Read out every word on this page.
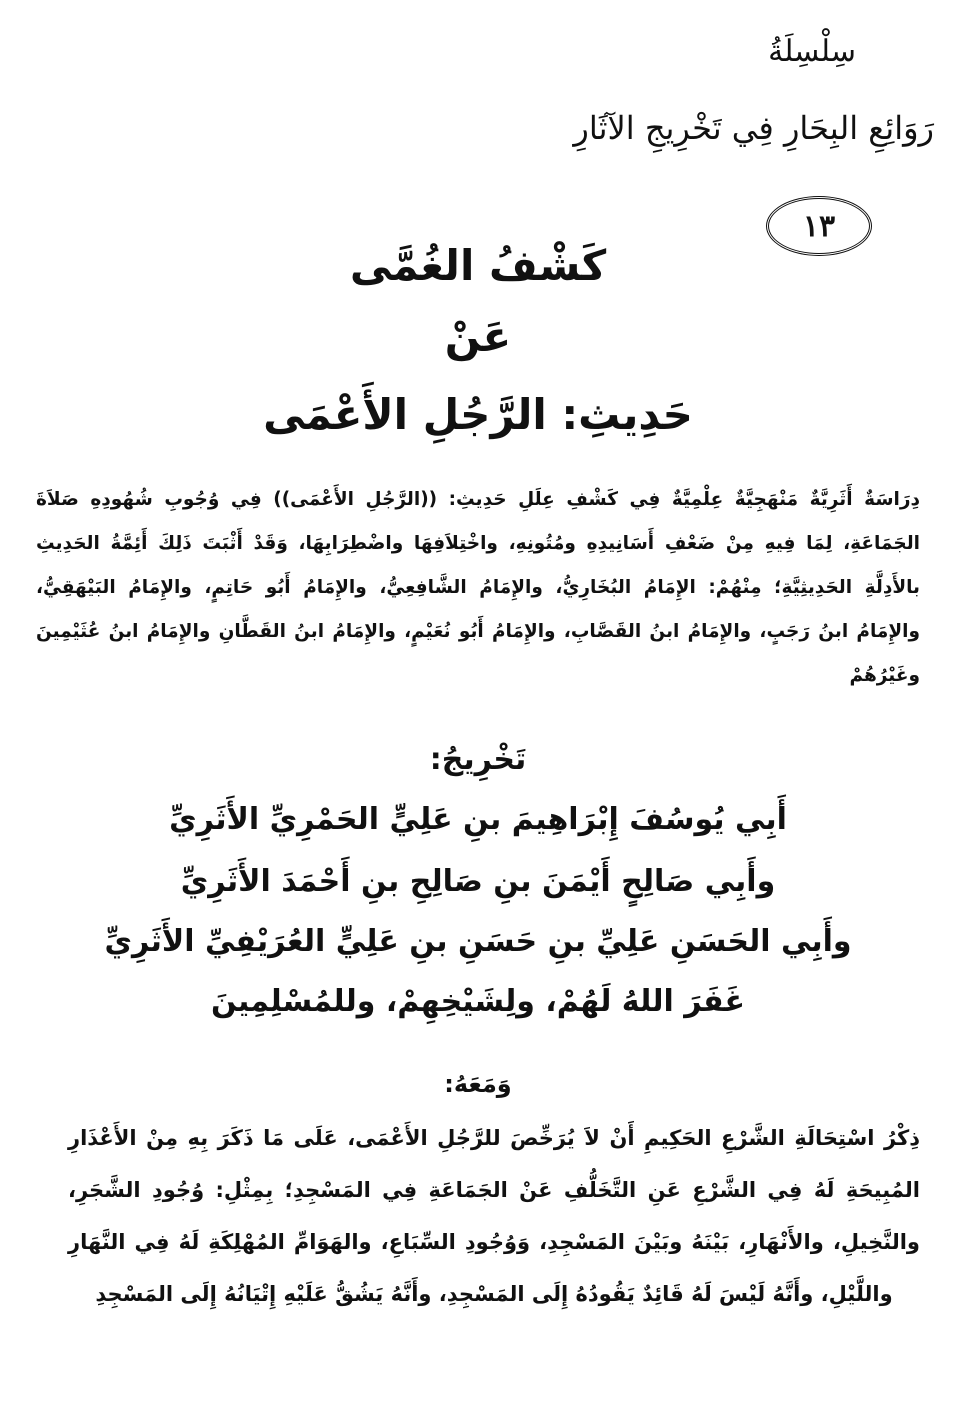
سِلْسِلَةُ
رَوَائِعِ البِحَارِ فِي تَخْرِيجِ الآثَارِ
١٣
كَشْفُ الغُمَّى
عَنْ
حَدِيثِ: الرَّجُلِ الأَعْمَى
دِرَاسَةٌ أَثَرِيَّةٌ مَنْهَجِيَّةٌ عِلْمِيَّةٌ فِي كَشْفِ عِلَلِ حَدِيثِ: ((الرَّجُلِ الأَعْمَى)) فِي وُجُوبِ شُهُودِهِ صَلاَةَ الجَمَاعَةِ، لِمَا فِيهِ مِنْ ضَعْفِ أَسَانِيدِهِ ومُتُونِهِ، واخْتِلاَفِهَا واضْطِرَابِهَا، وَقَدْ أَثْبَتَ ذَلِكَ أَئِمَّةُ الحَدِيثِ بالأَدِلَّةِ الحَدِيثِيَّةِ؛ مِنْهُمْ: الإِمَامُ البُخَارِيُّ، والإِمَامُ الشَّافِعِيُّ، والإِمَامُ أَبُو حَاتِمٍ، والإِمَامُ البَيْهَقِيُّ، والإِمَامُ ابنُ رَجَبٍ، والإِمَامُ ابنُ القَصَّابِ، والإِمَامُ أَبُو نُعَيْمٍ، والإِمَامُ ابنُ القَطَّانِ والإِمَامُ ابنُ عُثَيْمِينَ وغَيْرُهُمْ
تَخْرِيجُ:
أَبِي يُوسُفَ إِبْرَاهِيمَ بنِ عَلِيٍّ الحَمْرِيِّ الأَثَرِيِّ
وأَبِي صَالِحٍ أَيْمَنَ بنِ صَالِحِ بنِ أَحْمَدَ الأَثَرِيِّ
وأَبِي الحَسَنِ عَلِيِّ بنِ حَسَنِ بنِ عَلِيٍّ العُرَيْفِيِّ الأَثَرِيِّ
غَفَرَ اللهُ لَهُمْ، ولِشَيْخِهِمْ، وللمُسْلِمِينَ
وَمَعَهُ:
ذِكْرُ اسْتِحَالَةِ الشَّرْعِ الحَكِيمِ أَنْ لاَ يُرَخِّصَ للرَّجُلِ الأَعْمَى، عَلَى مَا ذَكَرَ بِهِ مِنْ الأَعْذَارِ المُبِيحَةِ لَهُ فِي الشَّرْعِ عَنِ التَّخَلُّفِ عَنْ الجَمَاعَةِ فِي المَسْجِدِ؛ بِمِثْلِ: وُجُودِ الشَّجَرِ، والنَّخِيلِ، والأَنْهَارِ، بَيْنَهُ وبَيْنَ المَسْجِدِ، وَوُجُودِ السِّبَاعِ، والهَوَامِّ المُهْلِكَةِ لَهُ فِي النَّهَارِ واللَّيْلِ، وأَنَّهُ لَيْسَ لَهُ قَائِدٌ يَقُودُهُ إِلَى المَسْجِدِ، وأَنَّهُ يَشُقُّ عَلَيْهِ إِتْيَانُهُ إِلَى المَسْجِدِ
